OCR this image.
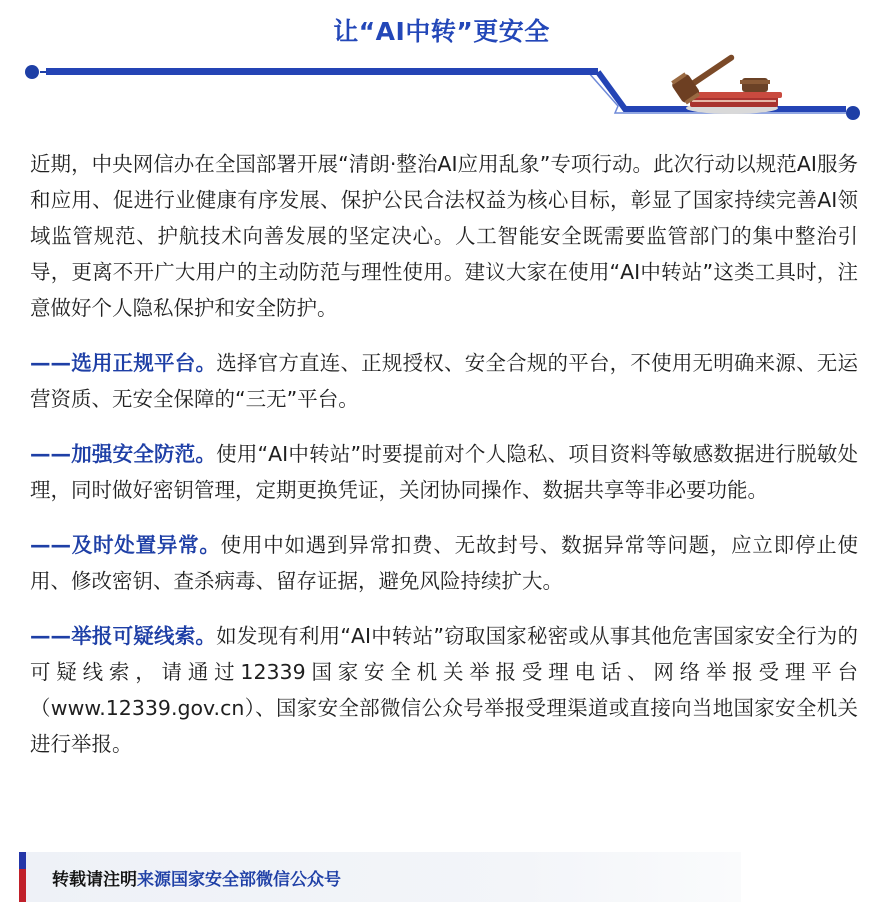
让“AI中转”更安全

近期，中央网信办在全国部署开展“清朗·整治AI应用乱象”专项行动。此次行动以规范AI服务和应用、促进行业健康有序发展、保护公民合法权益为核心目标，彰显了国家持续完善AI领域监管规范、护航技术向善发展的坚定决心。人工智能安全既需要监管部门的集中整治引导，更离不开广大用户的主动防范与理性使用。建议大家在使用“AI中转站”这类工具时，注意做好个人隐私保护和安全防护。

——选用正规平台。选择官方直连、正规授权、安全合规的平台，不使用无明确来源、无运营资质、无安全保障的“三无”平台。

——加强安全防范。使用“AI中转站”时要提前对个人隐私、项目资料等敏感数据进行脱敏处理，同时做好密钥管理，定期更换凭证，关闭协同操作、数据共享等非必要功能。

——及时处置异常。使用中如遇到异常扣费、无故封号、数据异常等问题，应立即停止使用、修改密钥、查杀病毒、留存证据，避免风险持续扩大。

——举报可疑线索。如发现有利用“AI中转站”窃取国家秘密或从事其他危害国家安全行为的可疑线索，请通过12339国家安全机关举报受理电话、网络举报受理平台（www.12339.gov.cn）、国家安全部微信公众号举报受理渠道或直接向当地国家安全机关进行举报。

转载请注明来源国家安全部微信公众号
